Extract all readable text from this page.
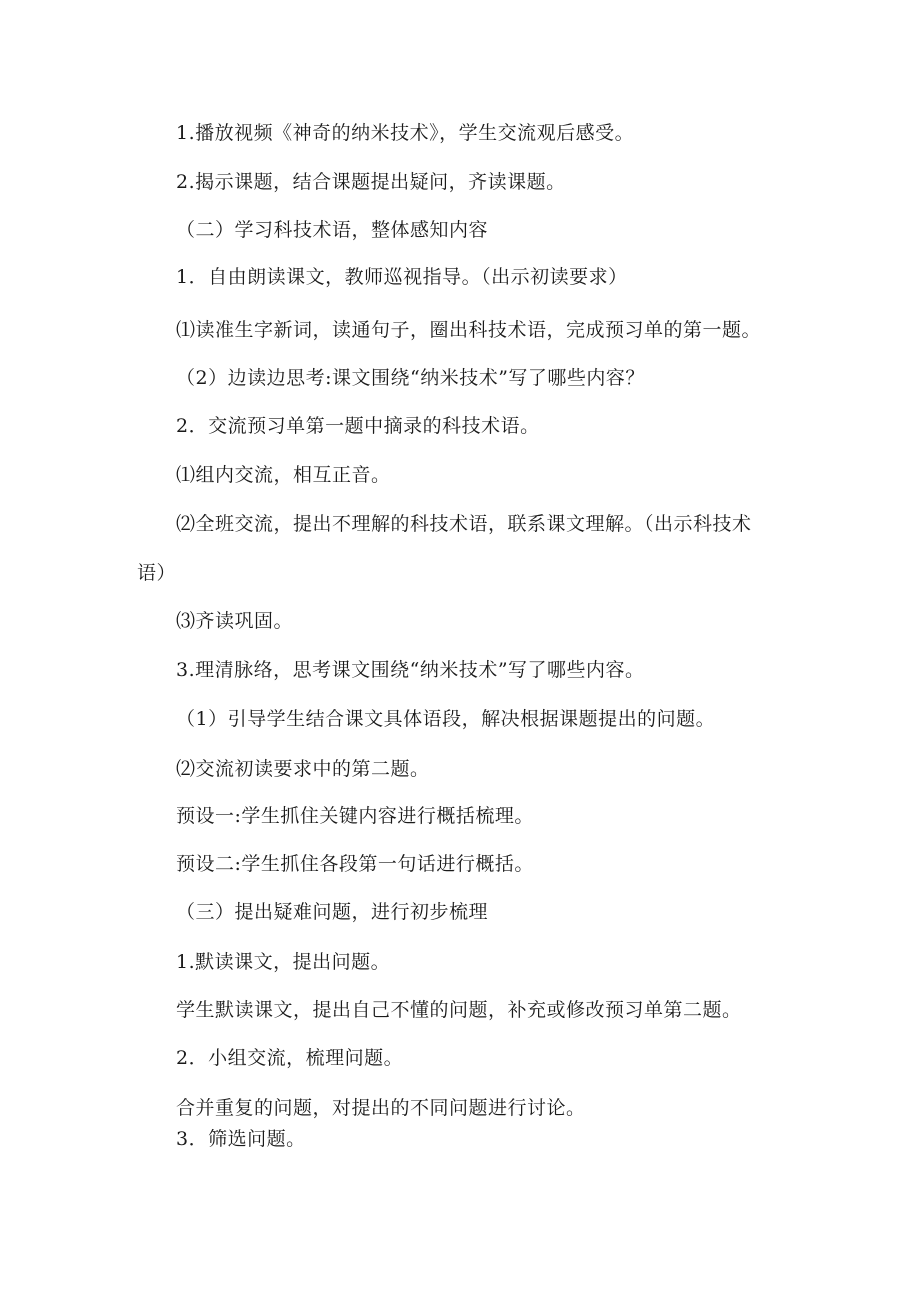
1.播放视频《神奇的纳米技术》，学生交流观后感受。
2.揭示课题，结合课题提出疑问，齐读课题。
（二）学习科技术语，整体感知内容
1．自由朗读课文，教师巡视指导。（出示初读要求）
⑴读准生字新词，读通句子，圈出科技术语，完成预习单的第一题。
（2）边读边思考:课文围绕“纳米技术”写了哪些内容？
2．交流预习单第一题中摘录的科技术语。
⑴组内交流，相互正音。
⑵全班交流，提出不理解的科技术语，联系课文理解。（出示科技术
语）
⑶齐读巩固。
3.理清脉络，思考课文围绕“纳米技术”写了哪些内容。
（1）引导学生结合课文具体语段，解决根据课题提出的问题。
⑵交流初读要求中的第二题。
预设一:学生抓住关键内容进行概括梳理。
预设二:学生抓住各段第一句话进行概括。
（三）提出疑难问题，进行初步梳理
1.默读课文，提出问题。
学生默读课文，提出自己不懂的问题，补充或修改预习单第二题。
2．小组交流，梳理问题。
合并重复的问题，对提出的不同问题进行讨论。
3．筛选问题。
